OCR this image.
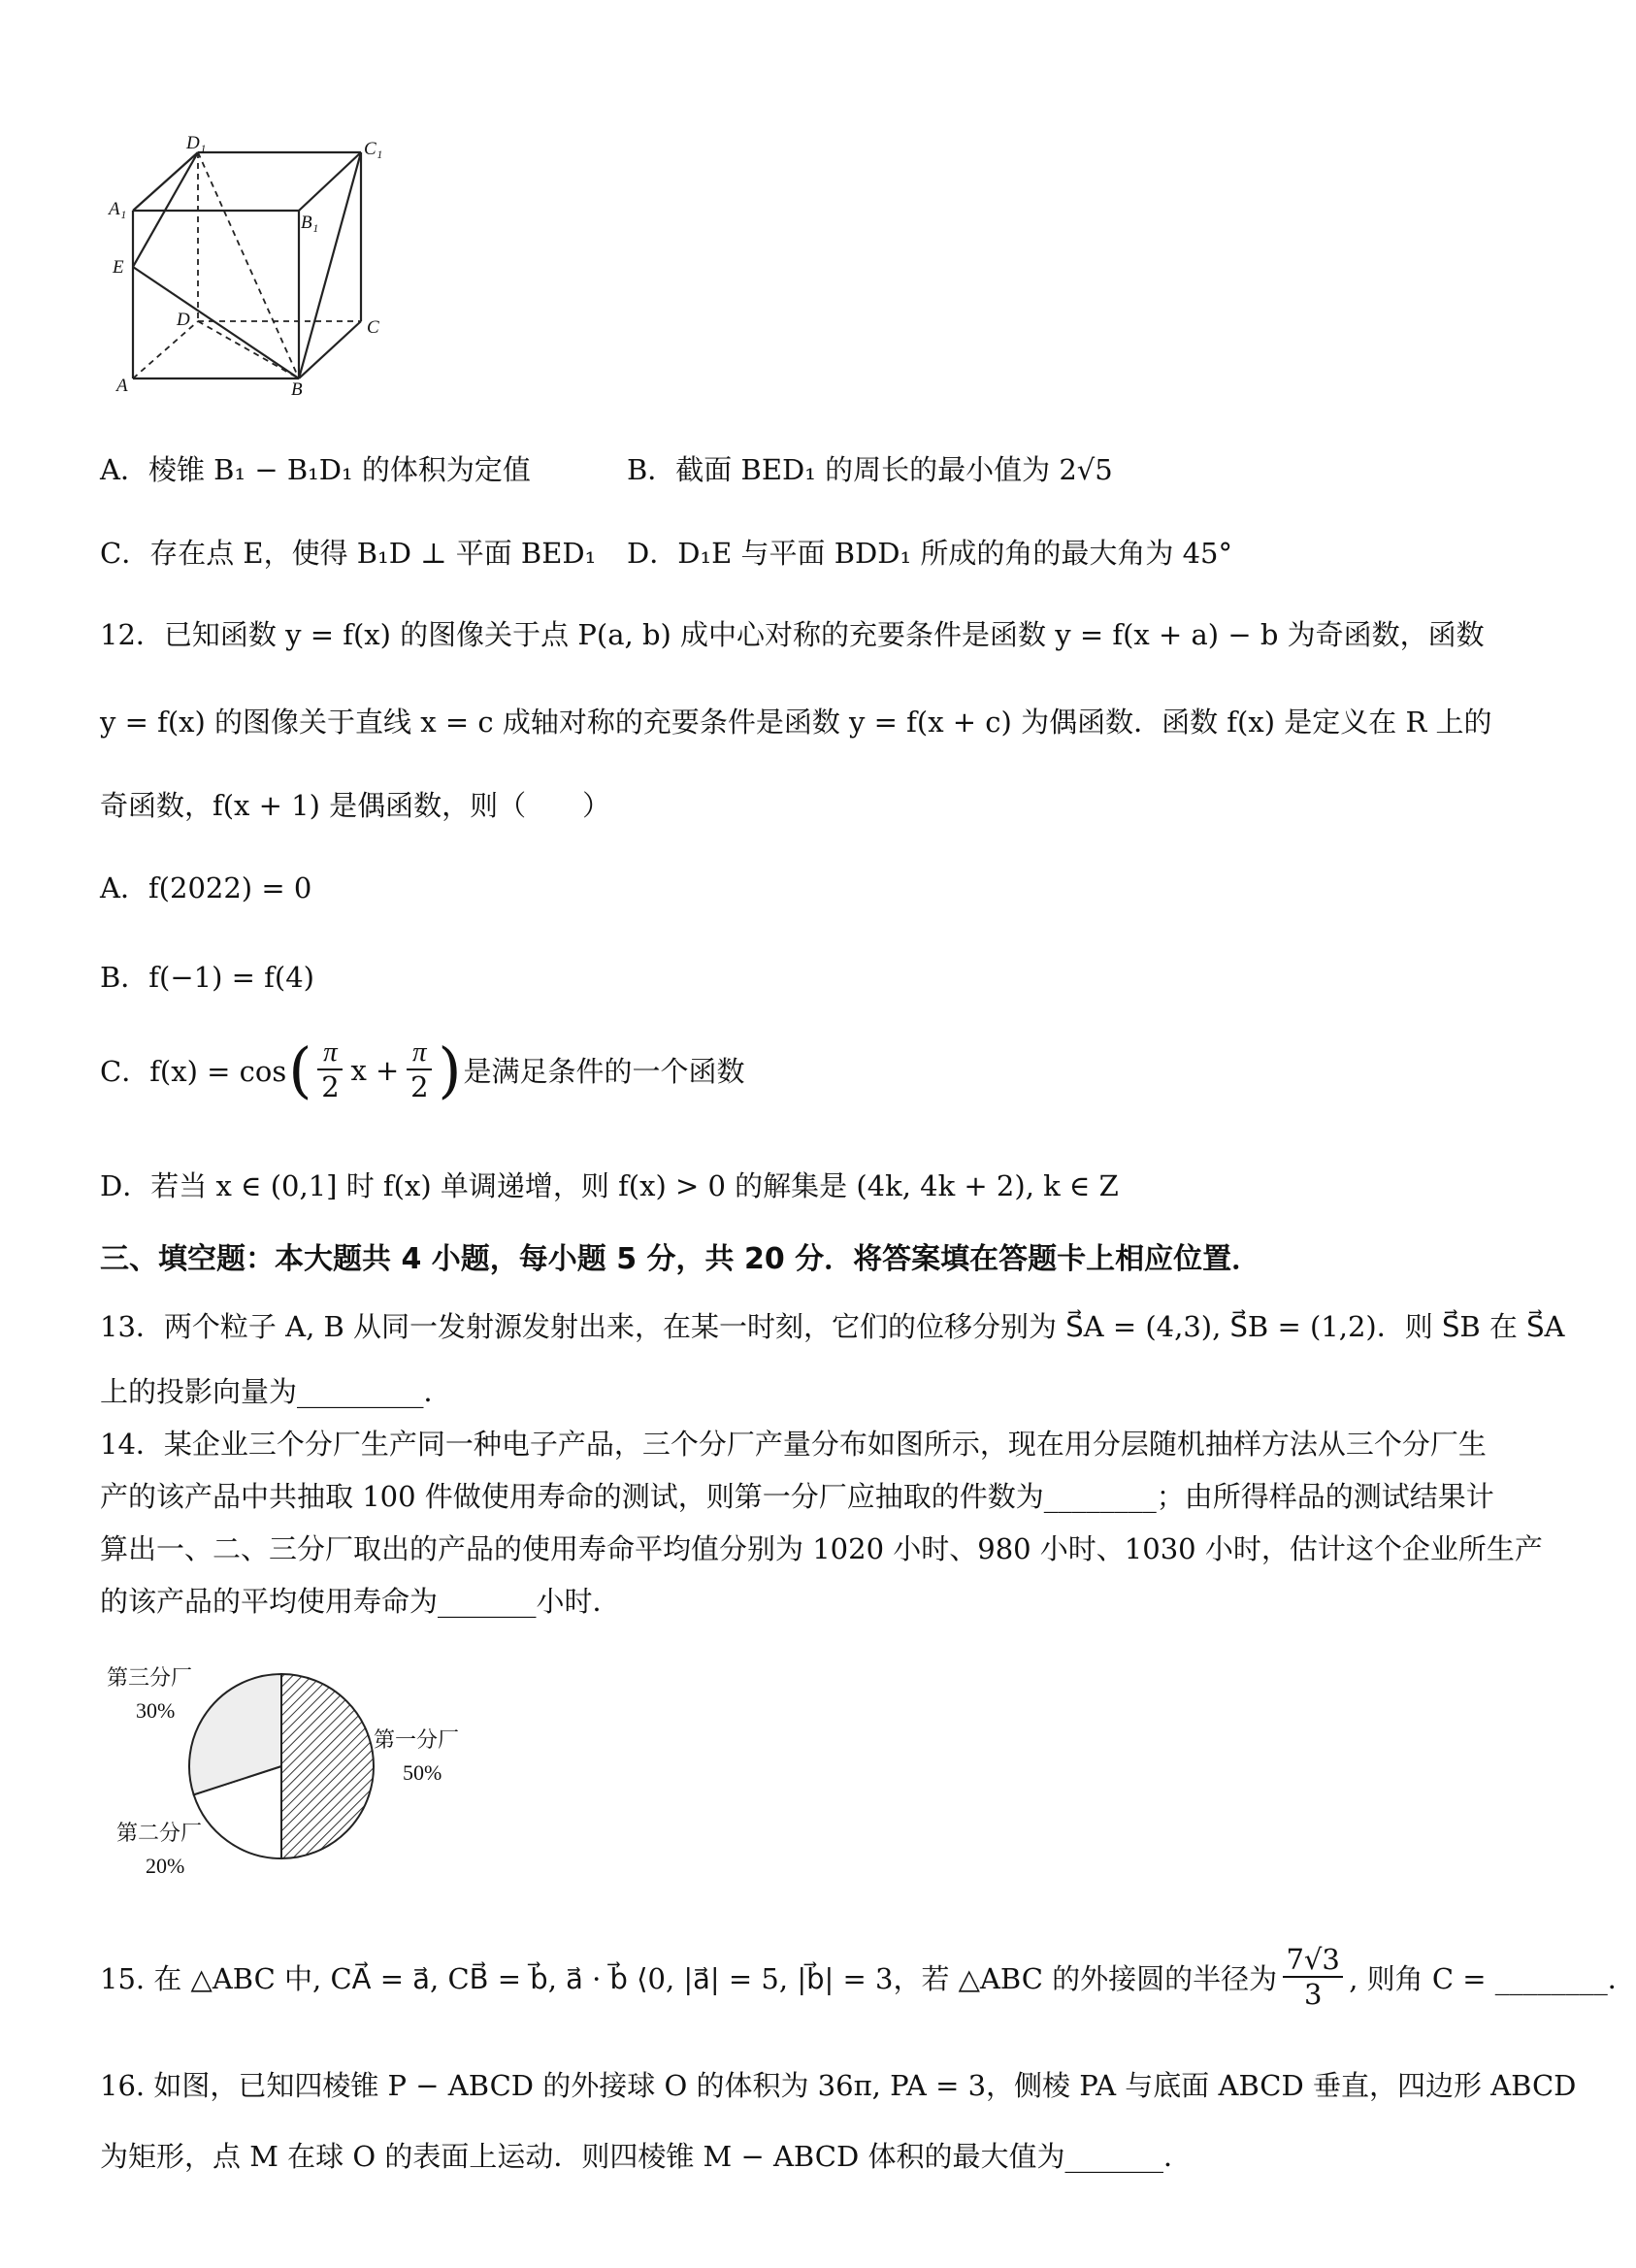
D₁	C₁
A₁
B₁
E
D	C
A	B
A．棱锥 B₁ − B₁D₁ 的体积为定值	B．截面 BED₁ 的周长的最小值为 2√5
C．存在点 E，使得 B₁D ⊥ 平面 BED₁ D．D₁E 与平面 BDD₁ 所成的角的最大角为 45°
12．已知函数 y = f(x) 的图像关于点 P(a, b) 成中心对称的充要条件是函数 y = f(x + a) − b 为奇函数，函数
y = f(x) 的图像关于直线 x = c 成轴对称的充要条件是函数 y = f(x + c) 为偶函数．函数 f(x) 是定义在 R 上的
奇函数，f(x + 1) 是偶函数，则（　　）
A．f(2022) = 0
B．f(−1) = f(4)
C．f(x) = cos ( π
2
x +
π
2 ) 是满足条件的一个函数
D．若当 x ∈ (0,1] 时 f(x) 单调递增，则 f(x) > 0 的解集是 (4k, 4k + 2), k ∈ Z
三、填空题：本大题共 4 小题，每小题 5 分，共 20 分．将答案填在答题卡上相应位置．
13．两个粒子 A, B 从同一发射源发射出来，在某一时刻，它们的位移分别为 S⃗A = (4,3), S⃗B = (1,2)．则 S⃗B 在 S⃗A
上的投影向量为_________．
14．某企业三个分厂生产同一种电子产品，三个分厂产量分布如图所示，现在用分层随机抽样方法从三个分厂生
产的该产品中共抽取 100 件做使用寿命的测试，则第一分厂应抽取的件数为________；由所得样品的测试结果计
算出一、二、三分厂取出的产品的使用寿命平均值分别为 1020 小时、980 小时、1030 小时，估计这个企业所生产
的该产品的平均使用寿命为_______小时．
第三分厂
30%
第一分厂
50%
第二分厂
20%
15. 在 △ABC 中, CA⃗ = a⃗, CB⃗ = b⃗, a⃗ · b⃗ ⟨0, |a⃗| = 5, |b⃗| = 3，若 △ABC 的外接圆的半径为
7√3
3 , 则角 C = ________．
16. 如图，已知四棱锥 P − ABCD 的外接球 O 的体积为 36π, PA = 3，侧棱 PA 与底面 ABCD 垂直，四边形 ABCD
为矩形，点 M 在球 O 的表面上运动．则四棱锥 M − ABCD 体积的最大值为_______．
